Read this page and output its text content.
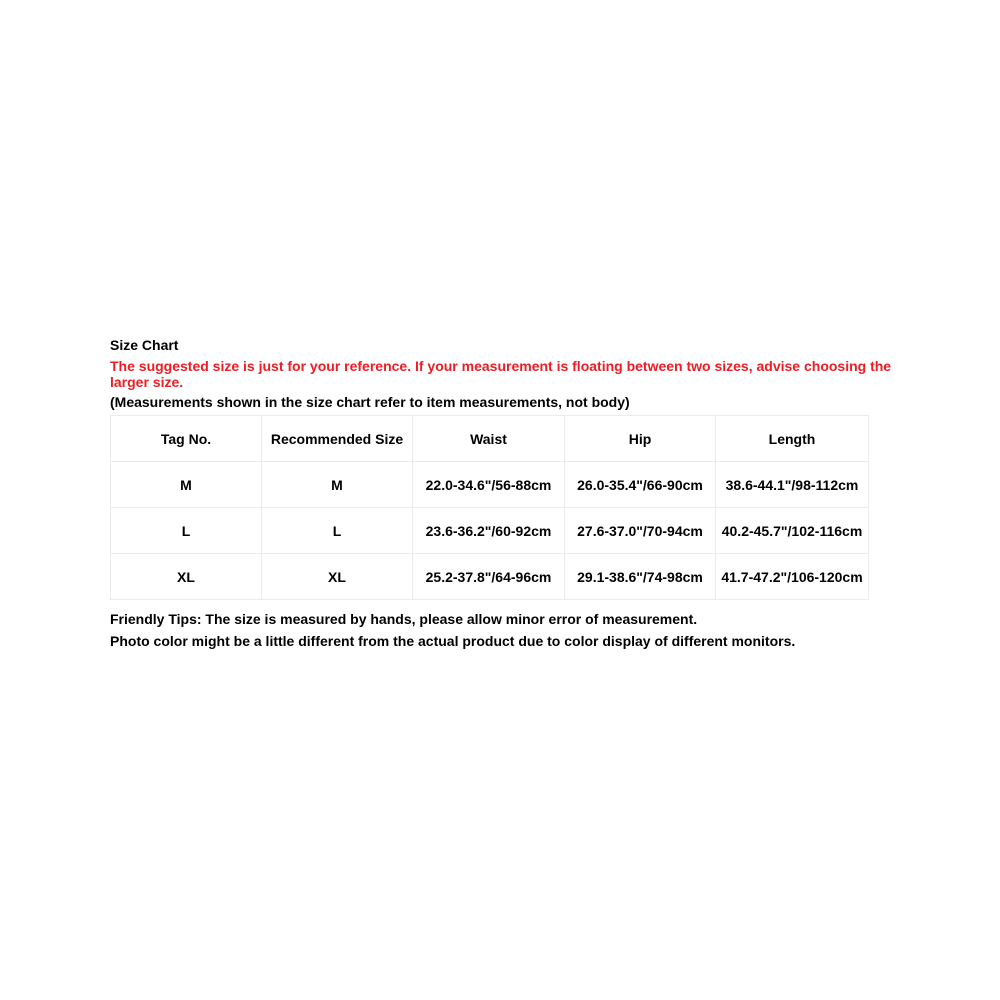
Size Chart

The suggested size is just for your reference. If your measurement is floating between two sizes, advise choosing the larger size.

(Measurements shown in the size chart refer to item measurements, not body)

Tag No.	Recommended Size	Waist	Hip	Length
M	M	22.0-34.6"/56-88cm	26.0-35.4"/66-90cm	38.6-44.1"/98-112cm
L	L	23.6-36.2"/60-92cm	27.6-37.0"/70-94cm	40.2-45.7"/102-116cm
XL	XL	25.2-37.8"/64-96cm	29.1-38.6"/74-98cm	41.7-47.2"/106-120cm

Friendly Tips: The size is measured by hands, please allow minor error of measurement.

Photo color might be a little different from the actual product due to color display of different monitors.
